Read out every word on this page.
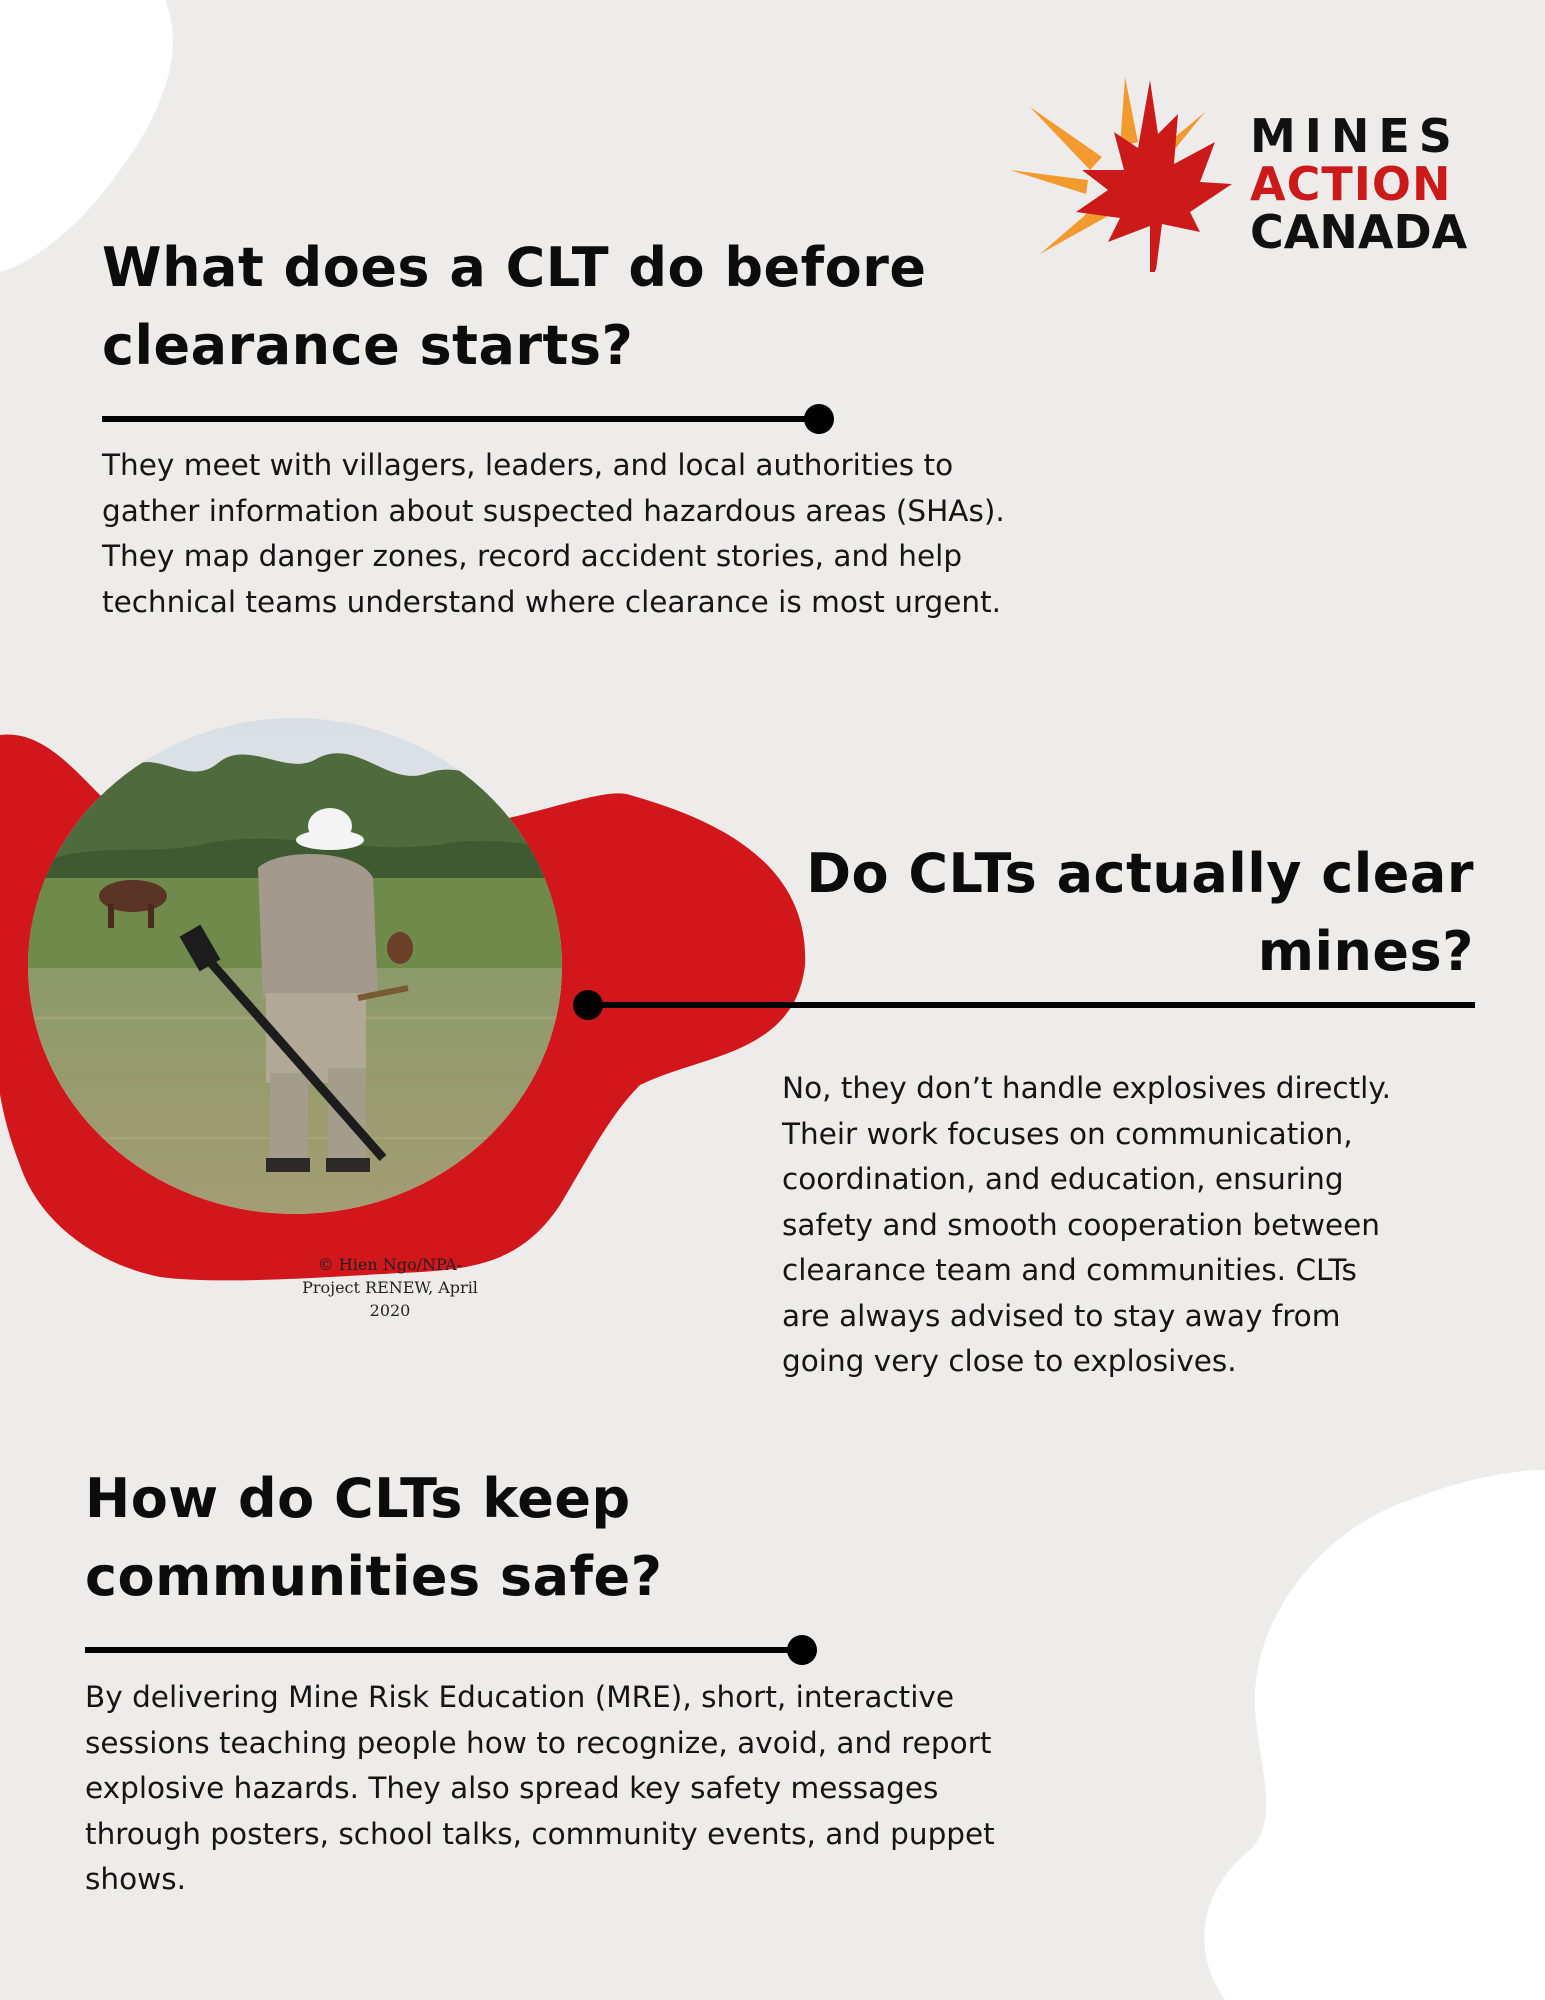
MINES
ACTION
CANADA
What does a CLT do before
clearance starts?

They meet with villagers, leaders, and local authorities to
gather information about suspected hazardous areas (SHAs).
They map danger zones, record accident stories, and help
technical teams understand where clearance is most urgent.

© Hien Ngo/NPA-
Project RENEW, April
2020

Do CLTs actually clear
mines?

No, they don’t handle explosives directly.
Their work focuses on communication,
coordination, and education, ensuring
safety and smooth cooperation between
clearance team and communities. CLTs
are always advised to stay away from
going very close to explosives.

How do CLTs keep
communities safe?

By delivering Mine Risk Education (MRE), short, interactive
sessions teaching people how to recognize, avoid, and report
explosive hazards. They also spread key safety messages
through posters, school talks, community events, and puppet
shows.
